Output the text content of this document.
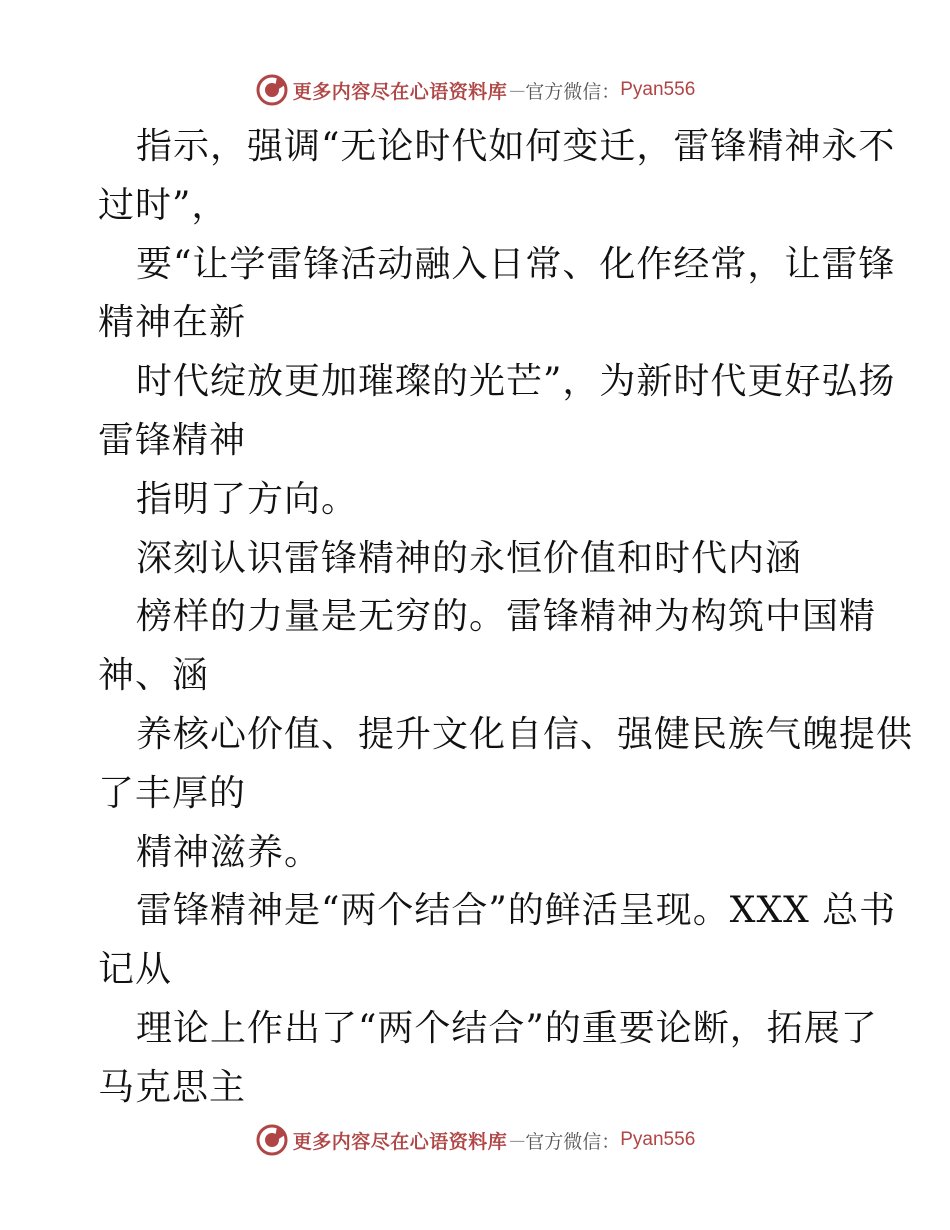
更多内容尽在心语资料库 — 官方微信： Pyan556
指示，强调“无论时代如何变迁，雷锋精神永不
过时”，
要“让学雷锋活动融入日常、化作经常，让雷锋
精神在新
时代绽放更加璀璨的光芒”，为新时代更好弘扬
雷锋精神
指明了方向。
深刻认识雷锋精神的永恒价值和时代内涵
榜样的力量是无穷的。雷锋精神为构筑中国精
神、涵
养核心价值、提升文化自信、强健民族气魄提供
了丰厚的
精神滋养。
雷锋精神是“两个结合”的鲜活呈现。XXX 总书
记从
理论上作出了“两个结合”的重要论断，拓展了
马克思主
更多内容尽在心语资料库 — 官方微信： Pyan556
